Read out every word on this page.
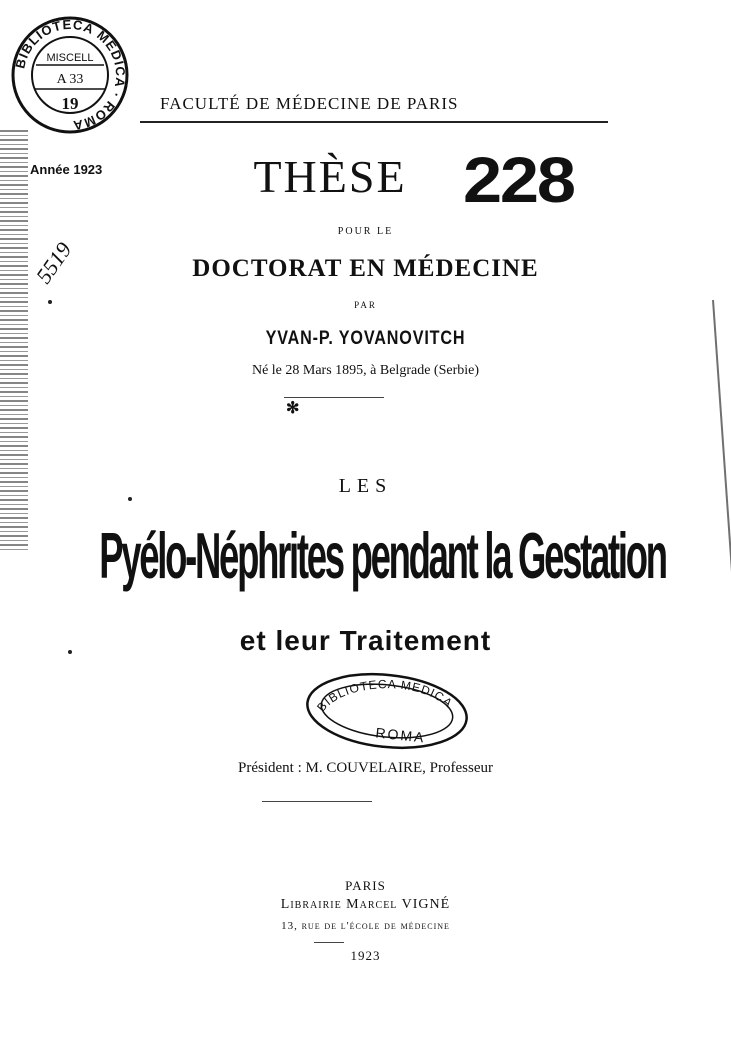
BIBLIOTECA MEDICA · ROMA
MISCELL
A 33
19	FACULTÉ DE MÉDECINE DE PARIS
Année 1923	THÈSE 228
5519
POUR LE
DOCTORAT EN MÉDECINE
PAR
YVAN-P. YOVANOVITCH
Né le 28 Mars 1895, à Belgrade (Serbie)
✻
LES
Pyélo-Néphrites pendant la Gestation
et leur Traitement
BIBLIOTECA MEDICA
ROMA
Président : M. COUVELAIRE, Professeur
PARIS
Librairie Marcel VIGNÉ
13, rue de l'école de médecine
1923
